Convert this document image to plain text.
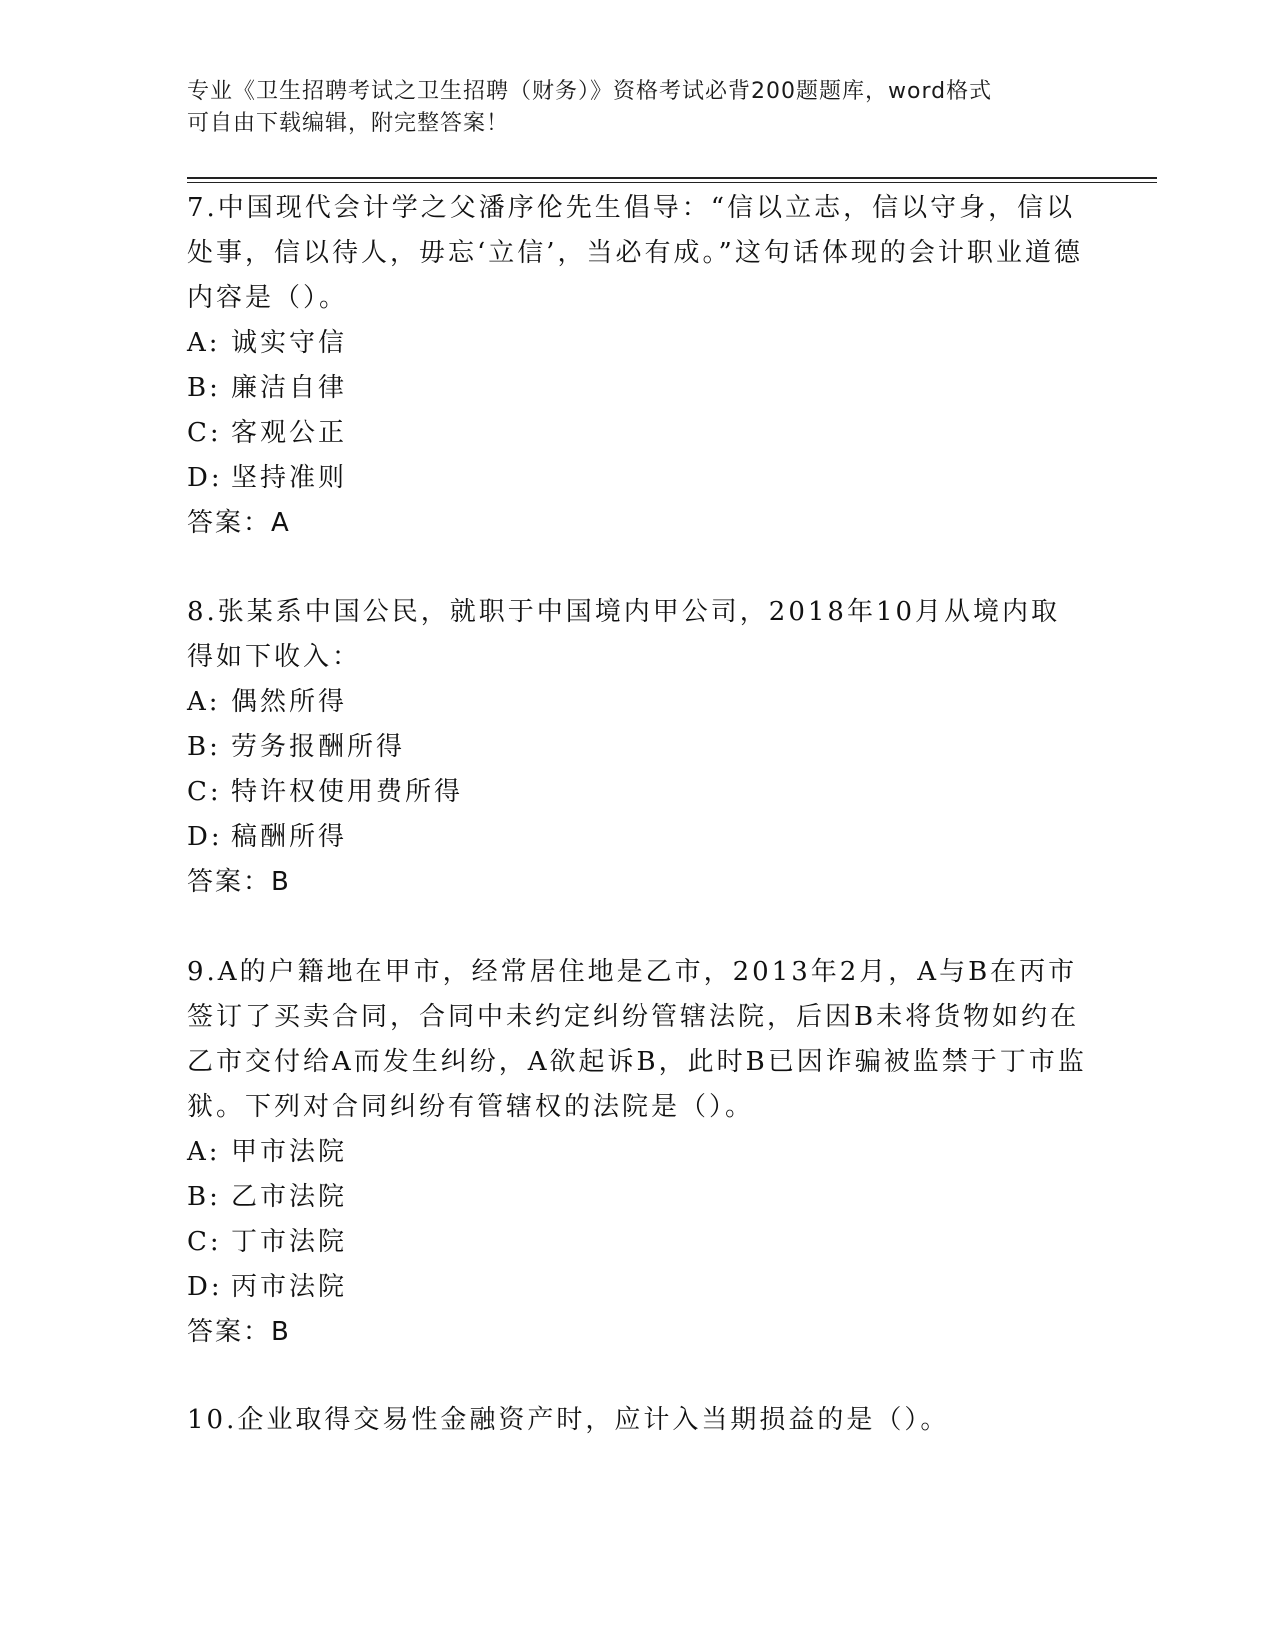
专业《卫生招聘考试之卫生招聘（财务）》资格考试必背200题题库，word格式
可自由下载编辑，附完整答案！
7.中国现代会计学之父潘序伦先生倡导：“信以立志，信以守身，信以处事，信以待人，毋忘‘立信’，当必有成。”这句话体现的会计职业道德内容是（）。
A: 诚实守信
B: 廉洁自律
C: 客观公正
D: 坚持准则
答案：A
8.张某系中国公民，就职于中国境内甲公司，2018年10月从境内取得如下收入：
A: 偶然所得
B: 劳务报酬所得
C: 特许权使用费所得
D: 稿酬所得
答案：B
9.A的户籍地在甲市，经常居住地是乙市，2013年2月，A与B在丙市签订了买卖合同，合同中未约定纠纷管辖法院，后因B未将货物如约在乙市交付给A而发生纠纷，A欲起诉B，此时B已因诈骗被监禁于丁市监狱。下列对合同纠纷有管辖权的法院是（）。
A: 甲市法院
B: 乙市法院
C: 丁市法院
D: 丙市法院
答案：B
10.企业取得交易性金融资产时，应计入当期损益的是（）。
